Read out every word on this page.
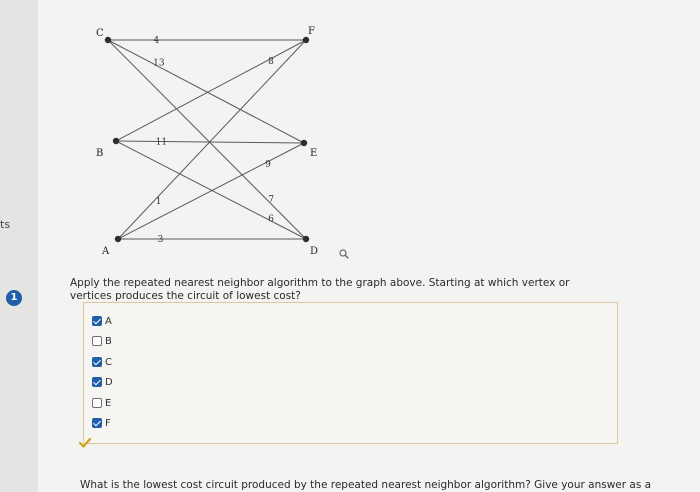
ts
1
4
13	8
11
7
9
1
6
3
C	F
B	E
A	D
Apply the repeated nearest neighbor algorithm to the graph above. Starting at which vertex or vertices produces the circuit of lowest cost?
A
B
C
D
E
F
What is the lowest cost circuit produced by the repeated nearest neighbor algorithm? Give your answer as a
